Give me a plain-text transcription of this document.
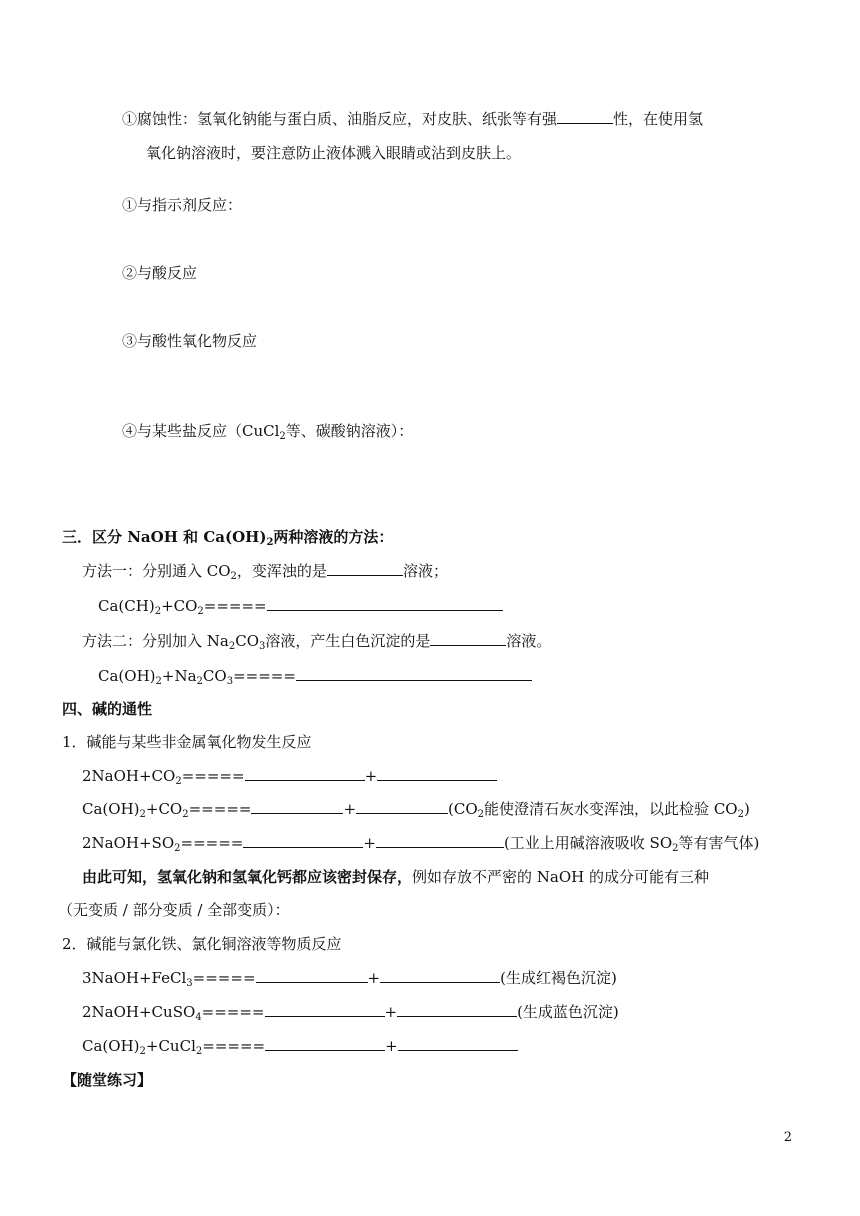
①腐蚀性：氢氧化钠能与蛋白质、油脂反应，对皮肤、纸张等有强	性，在使用氢
氧化钠溶液时，要注意防止液体溅入眼睛或沾到皮肤上。
①与指示剂反应：
②与酸反应
③与酸性氧化物反应
④与某些盐反应（CuCl$_2$等、碳酸钠溶液）：
三．区分 NaOH 和 $Ca(OH)_2$两种溶液的方法：
方法一：分别通入 $CO_2$，变浑浊的是	溶液；
$Ca(CH)_2+CO_2=====$
方法二：分别加入 $Na_2CO_3$溶液，产生白色沉淀的是	溶液。
$Ca(OH)_2+Na_2CO_3=====$
四、碱的通性
1．碱能与某些非金属氧化物发生反应
$2NaOH+CO_2=====$	+
$Ca(OH)_2+CO_2=====$	+	($CO_2$能使澄清石灰水变浑浊，以此检验 $CO_2$)
$2NaOH+SO_2=====$	+	(工业上用碱溶液吸收 $SO_2$等有害气体)
由此可知，氢氧化钠和氢氧化钙都应该密封保存，例如存放不严密的 NaOH 的成分可能有三种
（无变质 / 部分变质 / 全部变质）：
2．碱能与氯化铁、氯化铜溶液等物质反应
3NaOH+FeCl$_3$=====	+	(生成红褐色沉淀)
2NaOH+CuSO$_4$=====	+	(生成蓝色沉淀)
$Ca(OH)_2+CuCl_2=====$	+
【随堂练习】
2
